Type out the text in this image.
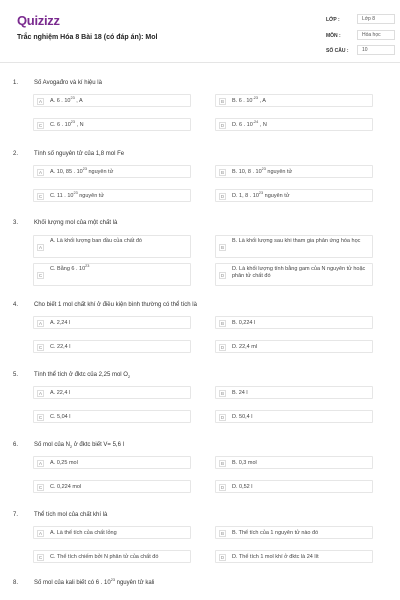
Quizizz
Trắc nghiệm Hóa 8 Bài 18 (có đáp án): Mol
LỚP :	Lớp 8
MÔN :	Hóa học
SỐ CÂU :	10
1.	Số Avogađro và kí hiệu là
A	A. 6 . $10^{23}$ , A	B	B. 6 . $10^{-23}$ , A
C	C. 6 . $10^{23}$ , N	D	D. 6 . $10^{-24}$ , N
2.	Tính số nguyên tử của 1,8 mol Fe
A	A. 10, 85 . $10^{23}$ nguyên tử	B	B. 10, 8 . $10^{23}$ nguyên tử
C	C. 11 . $10^{23}$ nguyên tử	D	D. 1, 8 . $10^{23}$ nguyên tử
3.	Khối lượng mol của một chất là
A
A. Là khối lượng ban đầu của chất đó
B
B. Là khối lượng sau khi tham gia phản ứng hóa học
C
C. Bằng 6 . $10^{23}$
D
D. Là khối lượng tính bằng gam của N nguyên tử hoặc phân tử chất đó
4.	Cho biết 1 mol chất khí ở điều kiện bình thường có thể tích là
A	A. 2,24 l	B	B. 0,224 l
C	C. 22,4 l	D	D. 22,4 ml
5.	Tính thể tích ở đktc của 2,25 mol $O_2$
A	A. 22,4 l	B	B. 24 l
C	C. 5,04 l	D	D. 50,4 l
6.	Số mol của $N_2$ ở đktc biết V= 5,6 l
A	A. 0,25 mol	B	B. 0,3 mol
C	C. 0,224 mol	D	D. 0,52 l
7.	Thể tích mol của chất khí là
A	A. Là thể tích của chất lỏng	B	B. Thể tích của 1 nguyên tử nào đó
C	C. Thể tích chiếm bởi N phân tử của chất đó	D	D. Thể tích 1 mol khí ở đktc là 24 lít
8.	Số mol của kali biết có 6 . $10^{23}$ nguyên tử kali
